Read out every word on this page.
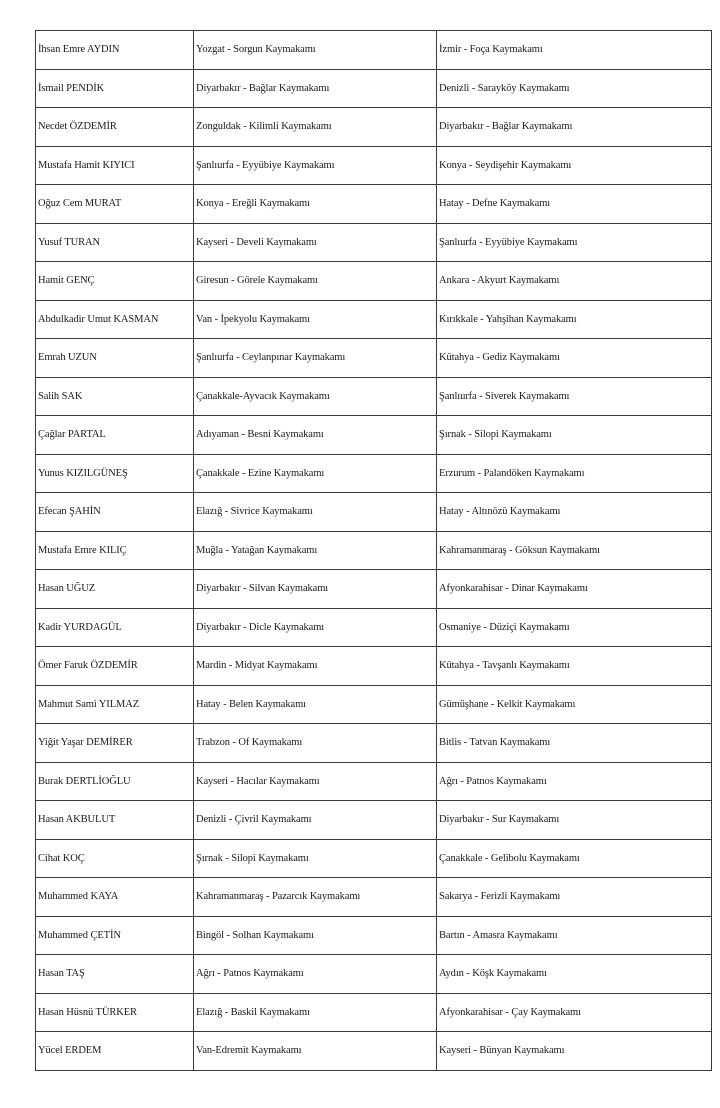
İhsan Emre AYDIN	Yozgat - Sorgun Kaymakamı	İzmir - Foça Kaymakamı
İsmail PENDİK	Diyarbakır - Bağlar Kaymakamı	Denizli - Sarayköy Kaymakamı
Necdet ÖZDEMİR	Zonguldak - Kilimli Kaymakamı	Diyarbakır - Bağlar Kaymakamı
Mustafa Hamit KIYICI	Şanlıurfa - Eyyübiye Kaymakamı	Konya - Seydişehir Kaymakamı
Oğuz Cem MURAT	Konya - Ereğli Kaymakamı	Hatay - Defne Kaymakamı
Yusuf TURAN	Kayseri - Develi Kaymakamı	Şanlıurfa - Eyyübiye Kaymakamı
Hamit GENÇ	Giresun - Görele Kaymakamı	Ankara - Akyurt Kaymakamı
Abdulkadir Umut KASMAN	Van - İpekyolu Kaymakamı	Kırıkkale - Yahşihan Kaymakamı
Emrah UZUN	Şanlıurfa - Ceylanpınar Kaymakamı	Kütahya - Gediz Kaymakamı
Salih SAK	Çanakkale-Ayvacık Kaymakamı	Şanlıurfa - Siverek Kaymakamı
Çağlar PARTAL	Adıyaman - Besni Kaymakamı	Şırnak - Silopi Kaymakamı
Yunus KIZILGÜNEŞ	Çanakkale - Ezine Kaymakamı	Erzurum - Palandöken Kaymakamı
Efecan ŞAHİN	Elazığ - Sivrice Kaymakamı	Hatay - Altınözü Kaymakamı
Mustafa Emre KILIÇ	Muğla - Yatağan Kaymakamı	Kahramanmaraş - Göksun Kaymakamı
Hasan UĞUZ	Diyarbakır - Silvan Kaymakamı	Afyonkarahisar - Dinar Kaymakamı
Kadir YURDAGÜL	Diyarbakır - Dicle Kaymakamı	Osmaniye - Düziçi Kaymakamı
Ömer Faruk ÖZDEMİR	Mardin - Midyat Kaymakamı	Kütahya - Tavşanlı Kaymakamı
Mahmut Sami YILMAZ	Hatay - Belen Kaymakamı	Gümüşhane - Kelkit Kaymakamı
Yiğit Yaşar DEMİRER	Trabzon - Of Kaymakamı	Bitlis - Tatvan Kaymakamı
Burak DERTLİOĞLU	Kayseri - Hacılar Kaymakamı	Ağrı - Patnos Kaymakamı
Hasan AKBULUT	Denizli - Çivril Kaymakamı	Diyarbakır - Sur Kaymakamı
Cihat KOÇ	Şırnak - Silopi Kaymakamı	Çanakkale - Gelibolu Kaymakamı
Muhammed KAYA	Kahramanmaraş - Pazarcık Kaymakamı	Sakarya - Ferizli Kaymakamı
Muhammed ÇETİN	Bingöl - Solhan Kaymakamı	Bartın - Amasra Kaymakamı
Hasan TAŞ	Ağrı - Patnos Kaymakamı	Aydın - Köşk Kaymakamı
Hasan Hüsnü TÜRKER	Elazığ - Baskil Kaymakamı	Afyonkarahisar - Çay Kaymakamı
Yücel ERDEM	Van-Edremit Kaymakamı	Kayseri - Bünyan Kaymakamı
